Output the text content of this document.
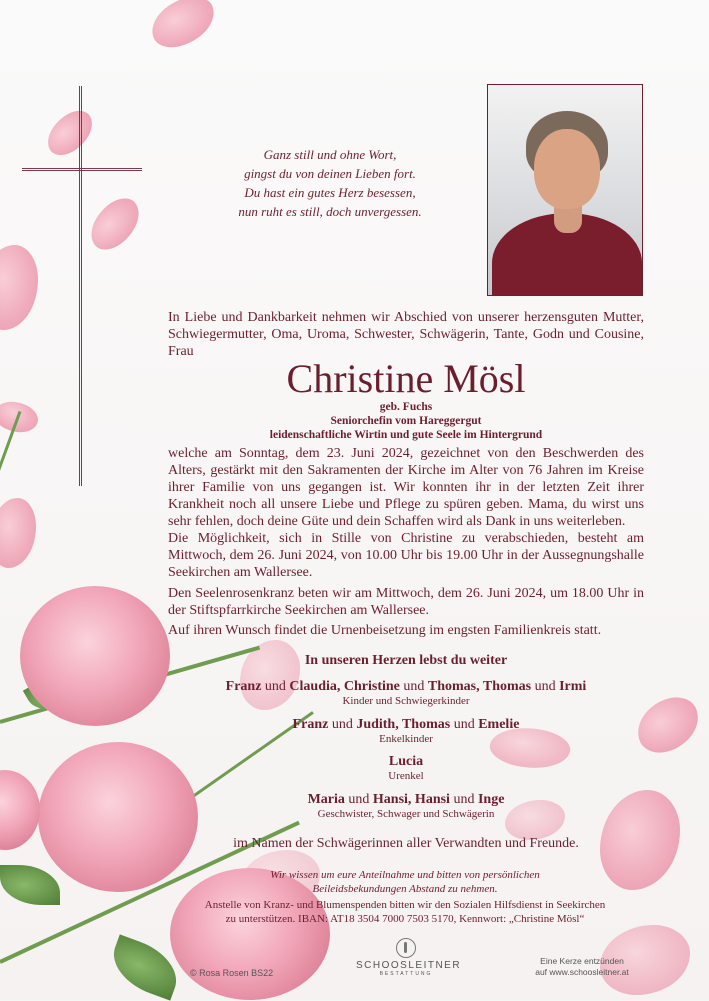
Ganz still und ohne Wort,
gingst du von deinen Lieben fort.
Du hast ein gutes Herz besessen,
nun ruht es still, doch unvergessen.
In Liebe und Dankbarkeit nehmen wir Abschied von unserer herzensguten Mutter, Schwiegermutter, Oma, Uroma, Schwester, Schwägerin, Tante, Godn und Cousine, Frau
Christine Mösl
geb. Fuchs
Seniorchefin vom Hareggergut
leidenschaftliche Wirtin und gute Seele im Hintergrund
welche am Sonntag, dem 23. Juni 2024, gezeichnet von den Beschwerden des Alters, gestärkt mit den Sakramenten der Kirche im Alter von 76 Jahren im Kreise ihrer Familie von uns gegangen ist. Wir konnten ihr in der letzten Zeit ihrer Krankheit noch all unsere Liebe und Pflege zu spüren geben. Mama, du wirst uns sehr fehlen, doch deine Güte und dein Schaffen wird als Dank in uns weiterleben.
Die Möglichkeit, sich in Stille von Christine zu verabschieden, besteht am Mittwoch, dem 26. Juni 2024, von 10.00 Uhr bis 19.00 Uhr in der Aussegnungshalle Seekirchen am Wallersee.
Den Seelenrosenkranz beten wir am Mittwoch, dem 26. Juni 2024, um 18.00 Uhr in der Stiftspfarrkirche Seekirchen am Wallersee.
Auf ihren Wunsch findet die Urnenbeisetzung im engsten Familienkreis statt.
In unseren Herzen lebst du weiter
Franz und Claudia, Christine und Thomas, Thomas und Irmi
Kinder und Schwiegerkinder
Franz und Judith, Thomas und Emelie
Enkelkinder
Lucia
Urenkel
Maria und Hansi, Hansi und Inge
Geschwister, Schwager und Schwägerin
im Namen der Schwägerinnen aller Verwandten und Freunde.
Wir wissen um eure Anteilnahme und bitten von persönlichen
Beileidsbekundungen Abstand zu nehmen.
Anstelle von Kranz- und Blumenspenden bitten wir den Sozialen Hilfsdienst in Seekirchen
zu unterstützen. IBAN: AT18 3504 7000 7503 5170, Kennwort: „Christine Mösl“
© Rosa Rosen BS22
SCHOOSLEITNER
BESTATTUNG
Eine Kerze entzünden
auf www.schoosleitner.at
